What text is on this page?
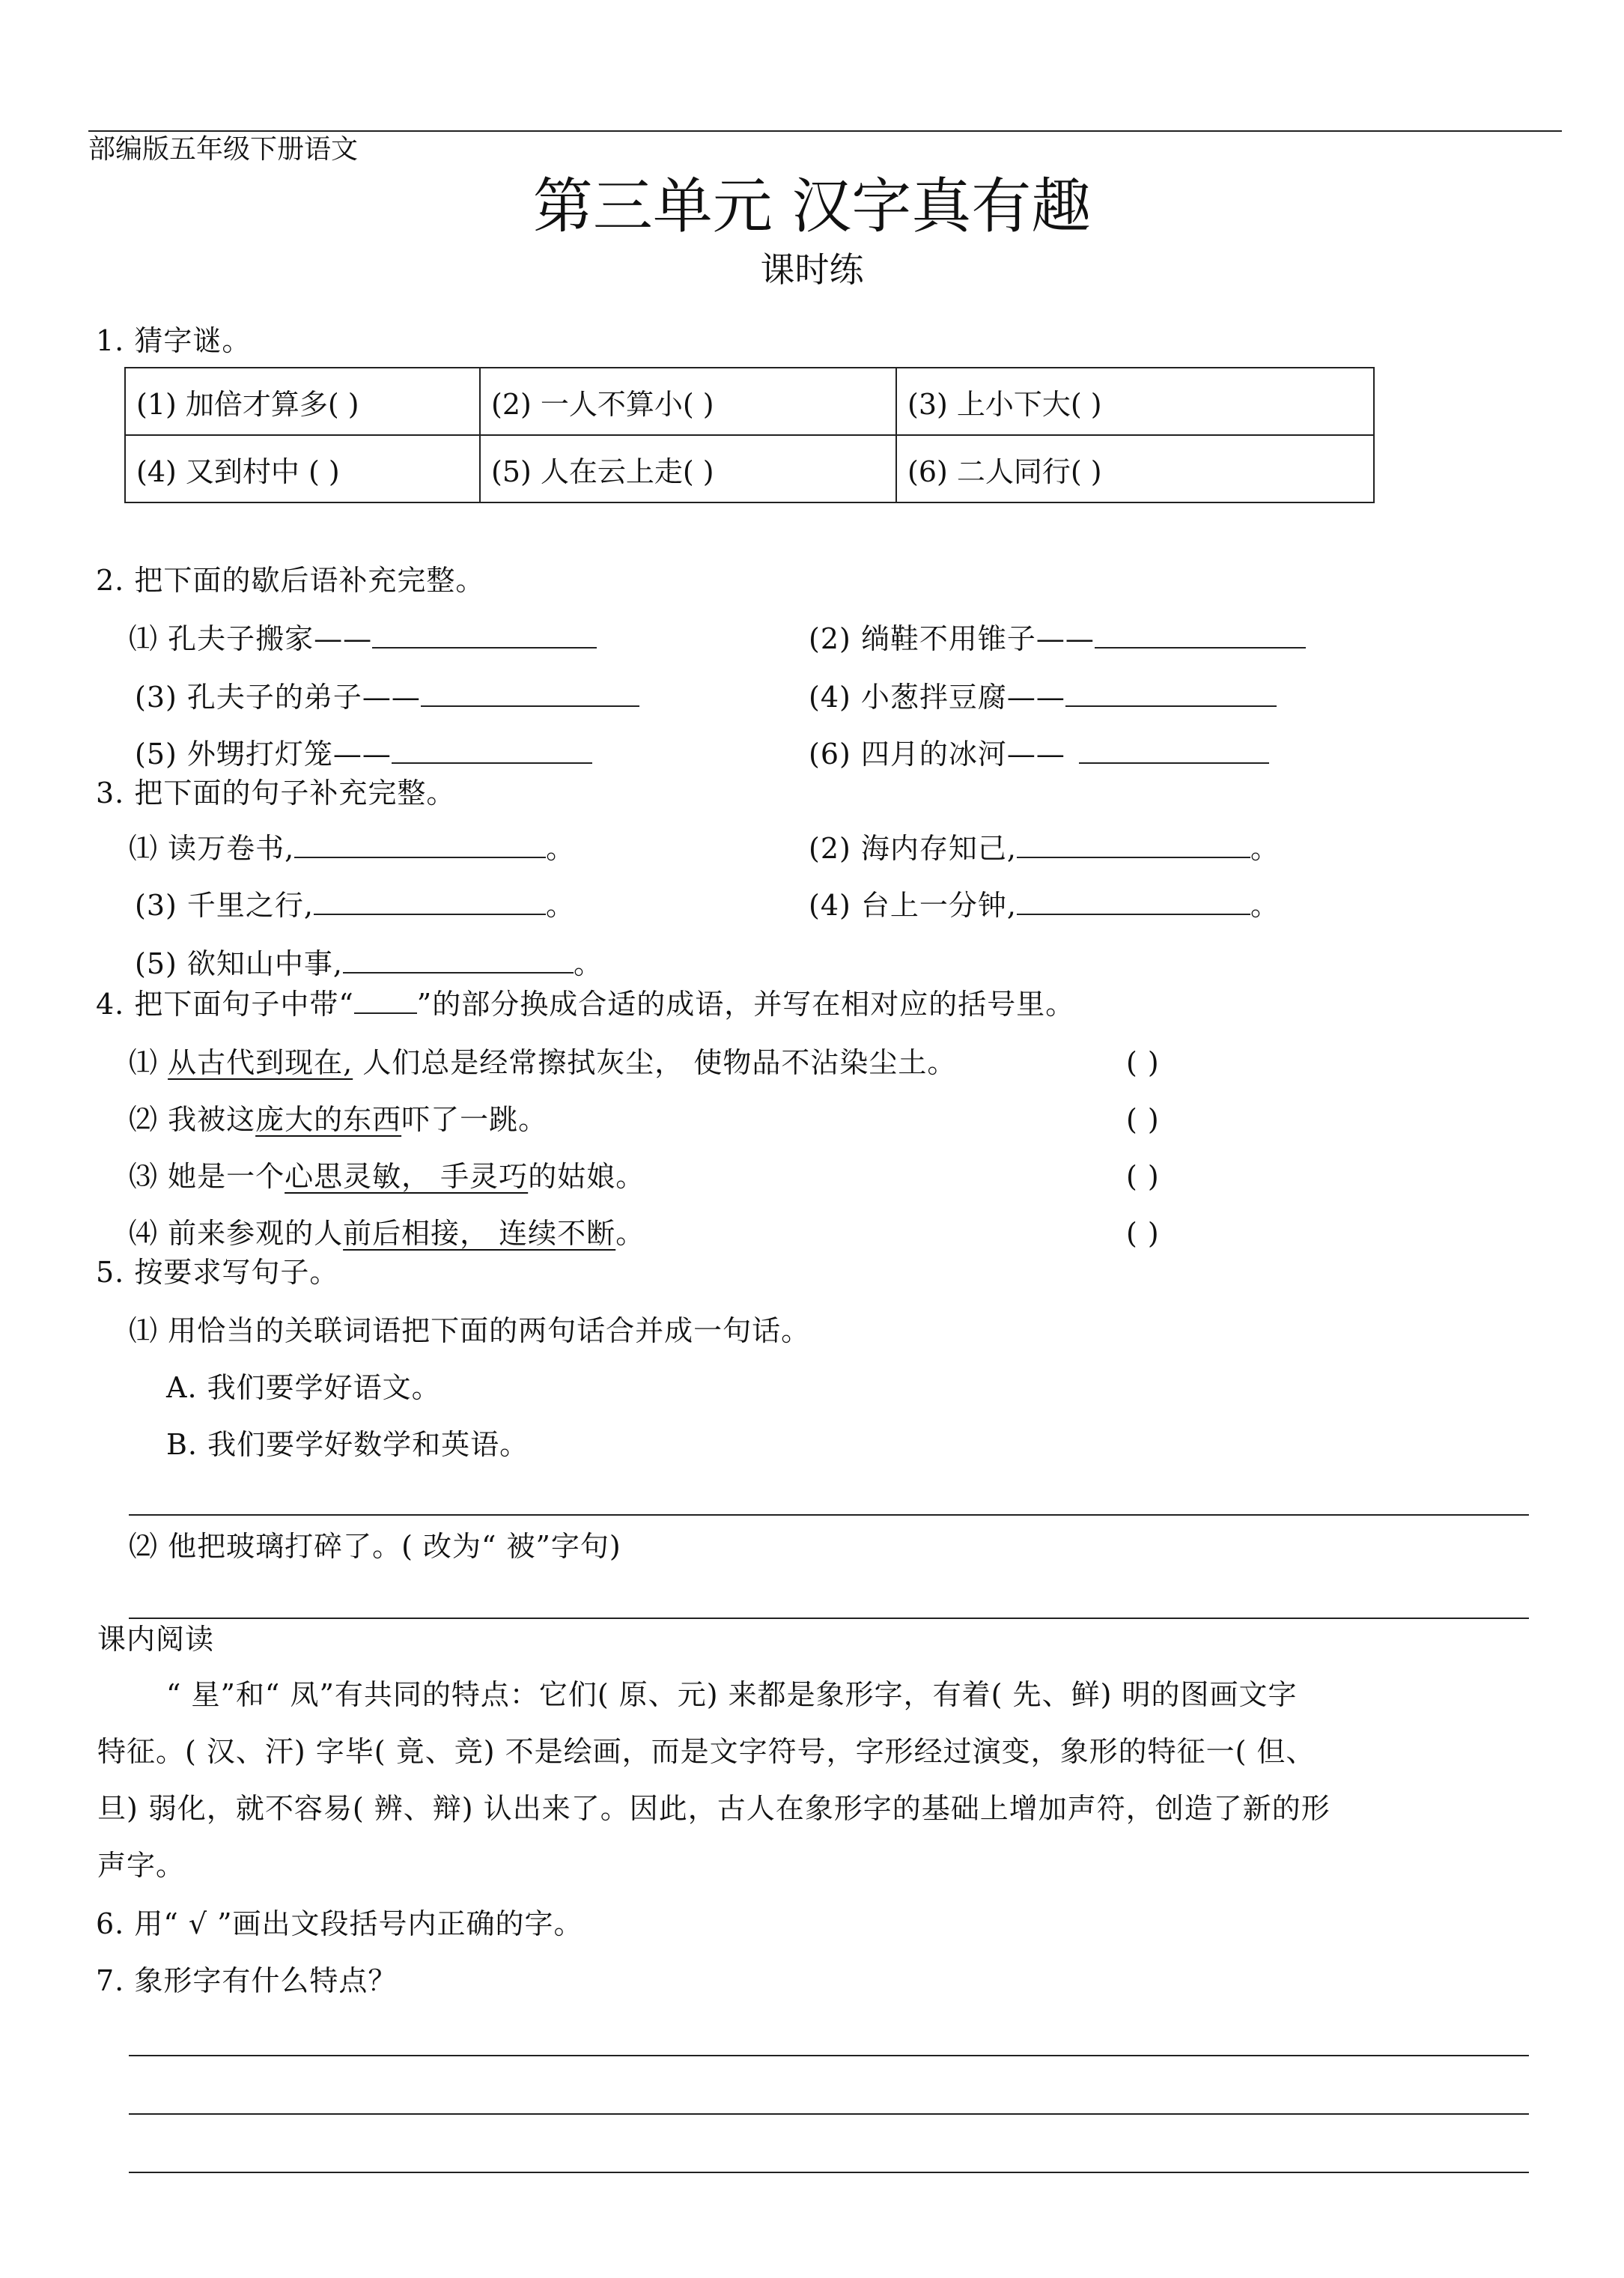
部编版五年级下册语文
第三单元 汉字真有趣
课时练
1. 猜字谜。
(1) 加倍才算多( )	(2) 一人不算小( )	(3) 上小下大( )
(4) 又到村中 ( )	(5) 人在云上走( )	(6) 二人同行( )
2. 把下面的歇后语补充完整。
⑴ 孔夫子搬家——	(2) 绱鞋不用锥子——
(3) 孔夫子的弟子——	(4) 小葱拌豆腐——
(5) 外甥打灯笼——	(6) 四月的冰河——
3. 把下面的句子补充完整。
⑴ 读万卷书,	。	(2) 海内存知己,	。
(3) 千里之行,	。	(4) 台上一分钟,	。
(5) 欲知山中事,	。
4. 把下面句子中带“ ”的部分换成合适的成语，并写在相对应的括号里。
⑴ 从古代到现在, 人们总是经常擦拭灰尘， 使物品不沾染尘土。
⑵ 我被这庞大的东西吓了一跳。
⑶ 她是一个心思灵敏， 手灵巧的姑娘。
⑷ 前来参观的人前后相接， 连续不断。
( )
( )
( )
( )
5. 按要求写句子。
⑴ 用恰当的关联词语把下面的两句话合并成一句话。
A. 我们要学好语文。
B. 我们要学好数学和英语。
⑵ 他把玻璃打碎了。( 改为“ 被”字句)
课内阅读
“ 星”和“ 凤”有共同的特点：它们( 原、元) 来都是象形字，有着( 先、鲜) 明的图画文字
特征。( 汉、汗) 字毕( 竟、竞) 不是绘画，而是文字符号，字形经过演变，象形的特征一( 但、
旦) 弱化，就不容易( 辨、辩) 认出来了。因此，古人在象形字的基础上增加声符，创造了新的形
声字。
6. 用“ √ ”画出文段括号内正确的字。
7. 象形字有什么特点？
